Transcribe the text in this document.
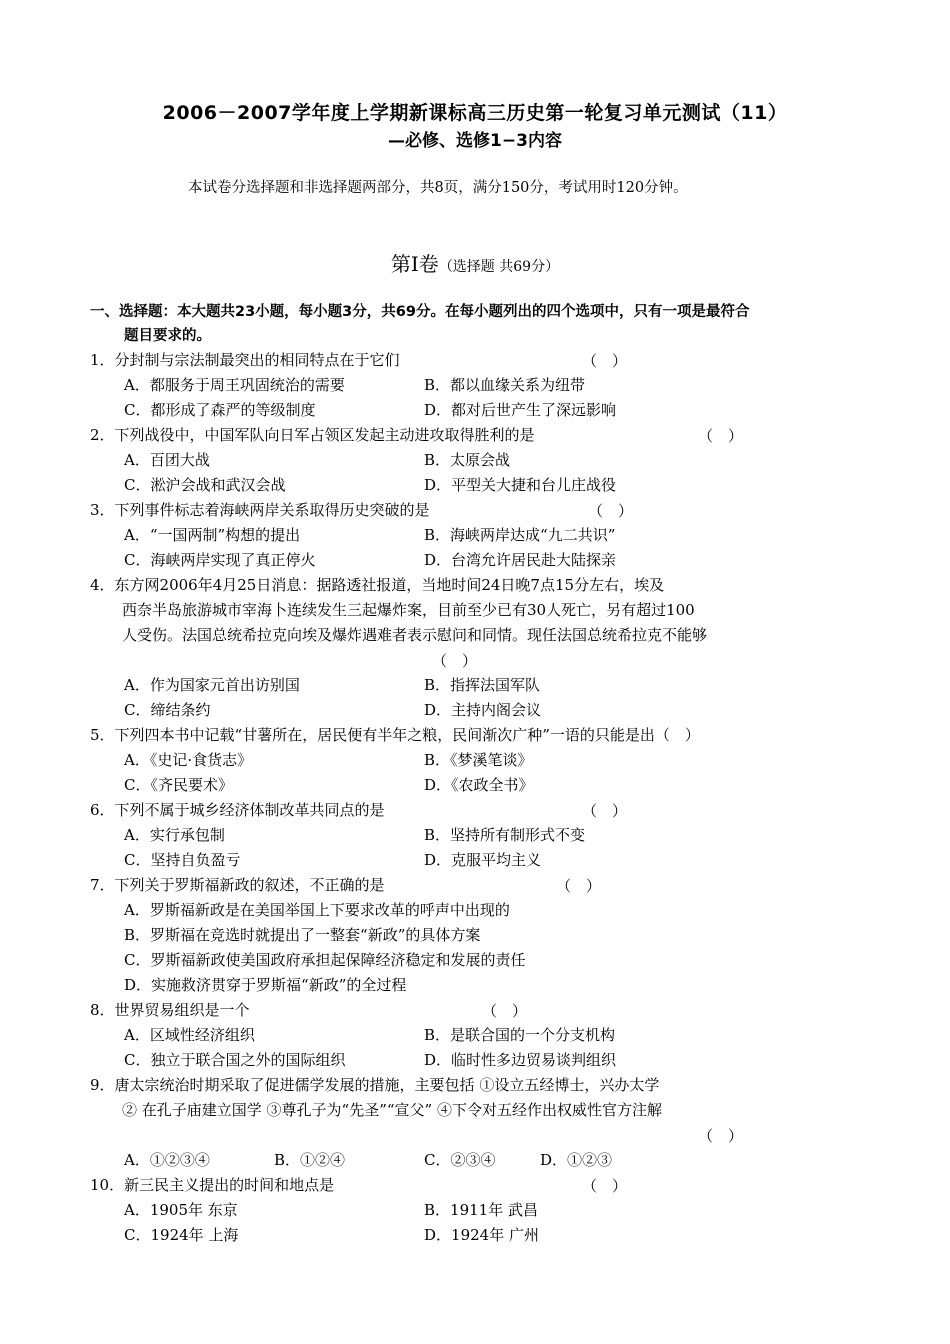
2006－2007学年度上学期新课标高三历史第一轮复习单元测试（11）
—必修、选修1−3内容
本试卷分选择题和非选择题两部分，共8页，满分150分，考试用时120分钟。
第Ⅰ卷（选择题 共69分）
一、选择题：本大题共23小题，每小题3分，共69分。在每小题列出的四个选项中，只有一项是最符合
题目要求的。
1．分封制与宗法制最突出的相同特点在于它们	（　）
A．都服务于周王巩固统治的需要	B．都以血缘关系为纽带
C．都形成了森严的等级制度	D．都对后世产生了深远影响
2．下列战役中，中国军队向日军占领区发起主动进攻取得胜利的是	（　）
A．百团大战	B．太原会战
C．淞沪会战和武汉会战	D．平型关大捷和台儿庄战役
3．下列事件标志着海峡两岸关系取得历史突破的是	（　）
A．“一国两制”构想的提出	B．海峡两岸达成“九二共识”
C．海峡两岸实现了真正停火	D．台湾允许居民赴大陆探亲
4．东方网2006年4月25日消息：据路透社报道，当地时间24日晚7点15分左右，埃及
西奈半岛旅游城市宰海卜连续发生三起爆炸案，目前至少已有30人死亡，另有超过100
人受伤。法国总统希拉克向埃及爆炸遇难者表示慰问和同情。现任法国总统希拉克不能够
（　）
A．作为国家元首出访别国	B．指挥法国军队
C．缔结条约	D．主持内阁会议
5．下列四本书中记载“甘薯所在，居民便有半年之粮，民间渐次广种”一语的只能是出（　）
A．《史记·食货志》	B．《梦溪笔谈》
C．《齐民要术》	D．《农政全书》
6．下列不属于城乡经济体制改革共同点的是	（　）
A．实行承包制	B．坚持所有制形式不变
C．坚持自负盈亏	D．克服平均主义
7．下列关于罗斯福新政的叙述，不正确的是	（　）
A．罗斯福新政是在美国举国上下要求改革的呼声中出现的
B．罗斯福在竞选时就提出了一整套“新政”的具体方案
C．罗斯福新政使美国政府承担起保障经济稳定和发展的责任
D．实施救济贯穿于罗斯福“新政”的全过程
8．世界贸易组织是一个	（　）
A．区域性经济组织	B．是联合国的一个分支机构
C．独立于联合国之外的国际组织	D．临时性多边贸易谈判组织
9．唐太宗统治时期采取了促进儒学发展的措施，主要包括 ①设立五经博士，兴办太学
② 在孔子庙建立国学 ③尊孔子为“先圣”“宣父” ④下令对五经作出权威性官方注解
（　）
A．①②③④	B．①②④	C．②③④	D．①②③
10．新三民主义提出的时间和地点是	（　）
A．1905年 东京	B．1911年 武昌
C．1924年 上海	D．1924年 广州
